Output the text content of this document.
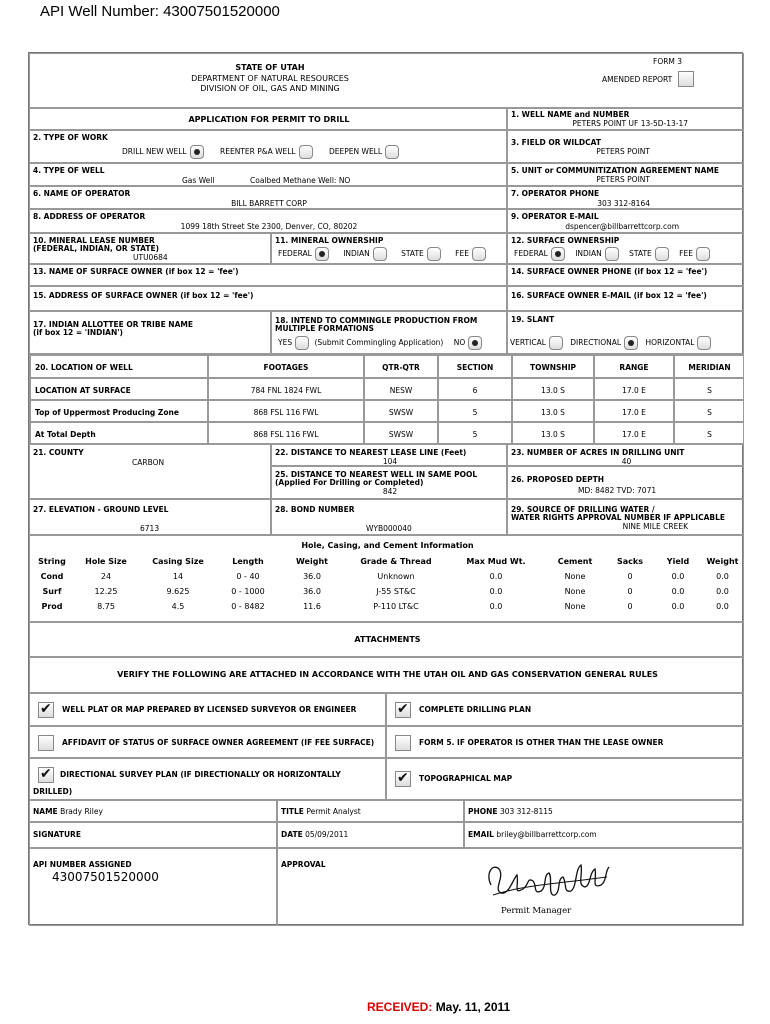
API Well Number: 43007501520000
STATE OF UTAH
DEPARTMENT OF NATURAL RESOURCES
DIVISION OF OIL, GAS AND MINING
FORM 3
AMENDED REPORT
APPLICATION FOR PERMIT TO DRILL
1. WELL NAME and NUMBER
PETERS POINT UF 13-5D-13-17
2. TYPE OF WORK
DRILL NEW WELL	REENTER P&A WELL	DEEPEN WELL
3. FIELD OR WILDCAT
PETERS POINT
4. TYPE OF WELL
Gas Well	Coalbed Methane Well: NO
5. UNIT or COMMUNITIZATION AGREEMENT NAME
PETERS POINT
6. NAME OF OPERATOR
BILL BARRETT CORP
7. OPERATOR PHONE
303 312-8164
8. ADDRESS OF OPERATOR
1099 18th Street Ste 2300, Denver, CO, 80202
9. OPERATOR E-MAIL
dspencer@billbarrettcorp.com
10. MINERAL LEASE NUMBER
(FEDERAL, INDIAN, OR STATE)
UTU0684
11. MINERAL OWNERSHIP
FEDERAL	INDIAN	STATE	FEE
12. SURFACE OWNERSHIP
FEDERAL	INDIAN	STATE	FEE
13. NAME OF SURFACE OWNER (if box 12 = 'fee')	14. SURFACE OWNER PHONE (if box 12 = 'fee')
15. ADDRESS OF SURFACE OWNER (if box 12 = 'fee')	16. SURFACE OWNER E-MAIL (if box 12 = 'fee')
17. INDIAN ALLOTTEE OR TRIBE NAME
(if box 12 = 'INDIAN')
18. INTEND TO COMMINGLE PRODUCTION FROM
MULTIPLE FORMATIONS
YES	(Submit Commingling Application) NO
19. SLANT
VERTICAL	DIRECTIONAL	HORIZONTAL
20. LOCATION OF WELL	FOOTAGES	QTR-QTR	SECTION	TOWNSHIP	RANGE	MERIDIAN
LOCATION AT SURFACE	784 FNL 1824 FWL	NESW	6	13.0 S	17.0 E	S
Top of Uppermost Producing Zone	868 FSL 116 FWL	SWSW	5	13.0 S	17.0 E	S
At Total Depth	868 FSL 116 FWL	SWSW	5	13.0 S	17.0 E	S
21. COUNTY
CARBON
22. DISTANCE TO NEAREST LEASE LINE (Feet)
104
23. NUMBER OF ACRES IN DRILLING UNIT
40
25. DISTANCE TO NEAREST WELL IN SAME POOL
(Applied For Drilling or Completed)
842
26. PROPOSED DEPTH
MD: 8482 TVD: 7071
27. ELEVATION - GROUND LEVEL
6713
28. BOND NUMBER
WYB000040
29. SOURCE OF DRILLING WATER /
WATER RIGHTS APPROVAL NUMBER IF APPLICABLE
NINE MILE CREEK
Hole, Casing, and Cement Information
String	Hole Size	Casing Size	Length	Weight	Grade & Thread	Max Mud Wt.	Cement	Sacks	Yield	Weight
Cond	24	14	0 - 40	36.0	Unknown	0.0	None	0	0.0	0.0
Surf	12.25	9.625	0 - 1000	36.0	J-55 ST&C	0.0	None	0	0.0	0.0
Prod	8.75	4.5	0 - 8482	11.6	P-110 LT&C	0.0	None	0	0.0	0.0
ATTACHMENTS
VERIFY THE FOLLOWING ARE ATTACHED IN ACCORDANCE WITH THE UTAH OIL AND GAS CONSERVATION GENERAL RULES
✔
WELL PLAT OR MAP PREPARED BY LICENSED SURVEYOR OR ENGINEER
✔	COMPLETE DRILLING PLAN
AFFIDAVIT OF STATUS OF SURFACE OWNER AGREEMENT (IF FEE SURFACE)	FORM 5. IF OPERATOR IS OTHER THAN THE LEASE OWNER
✔
DIRECTIONAL SURVEY PLAN (IF DIRECTIONALLY OR HORIZONTALLY
DRILLED)
✔
TOPOGRAPHICAL MAP
NAME Brady Riley	TITLE Permit Analyst	PHONE 303 312-8115
SIGNATURE	DATE 05/09/2011	EMAIL briley@billbarrettcorp.com
API NUMBER ASSIGNED
43007501520000
APPROVAL
Permit Manager
RECEIVED: May. 11, 2011
